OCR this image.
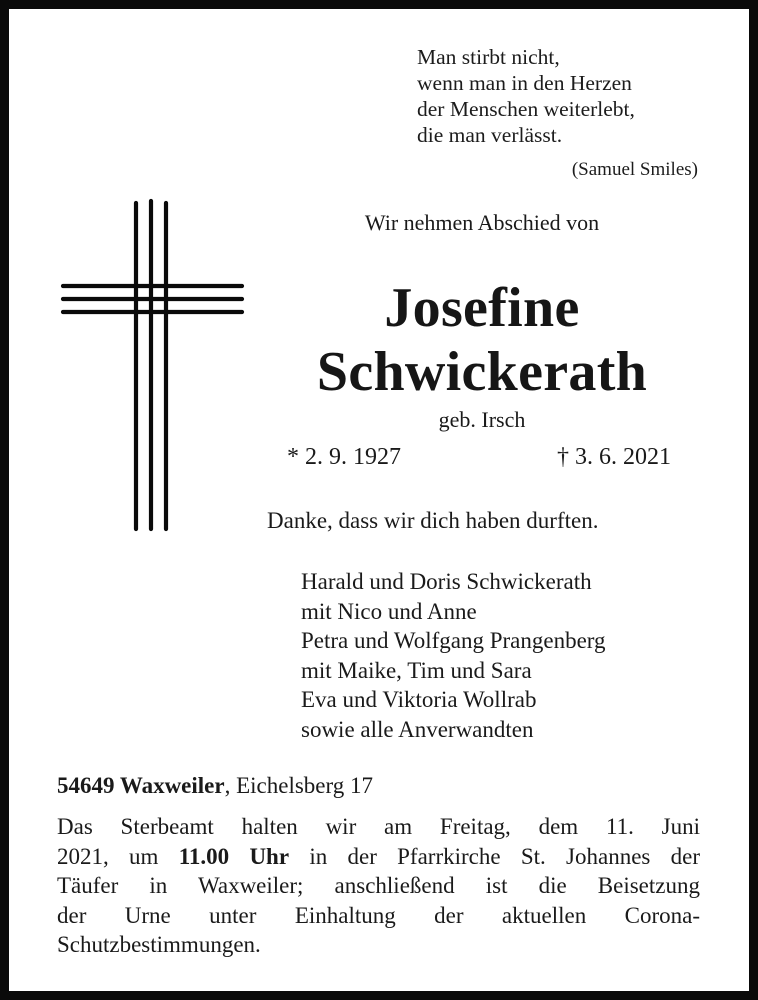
Man stirbt nicht,
wenn man in den Herzen
der Menschen weiterlebt,
die man verlässt.
(Samuel Smiles)
Wir nehmen Abschied von
Josefine
Schwickerath
geb. Irsch
* 2. 9. 1927	† 3. 6. 2021
Danke, dass wir dich haben durften.
Harald und Doris Schwickerath
mit Nico und Anne
Petra und Wolfgang Prangenberg
mit Maike, Tim und Sara
Eva und Viktoria Wollrab
sowie alle Anverwandten
54649 Waxweiler, Eichelsberg 17
Das Sterbeamt halten wir am Freitag, dem 11. Juni
2021, um 11.00 Uhr in der Pfarrkirche St. Johannes der
Täufer in Waxweiler; anschließend ist die Beisetzung
der Urne unter Einhaltung der aktuellen Corona-
Schutzbestimmungen.
